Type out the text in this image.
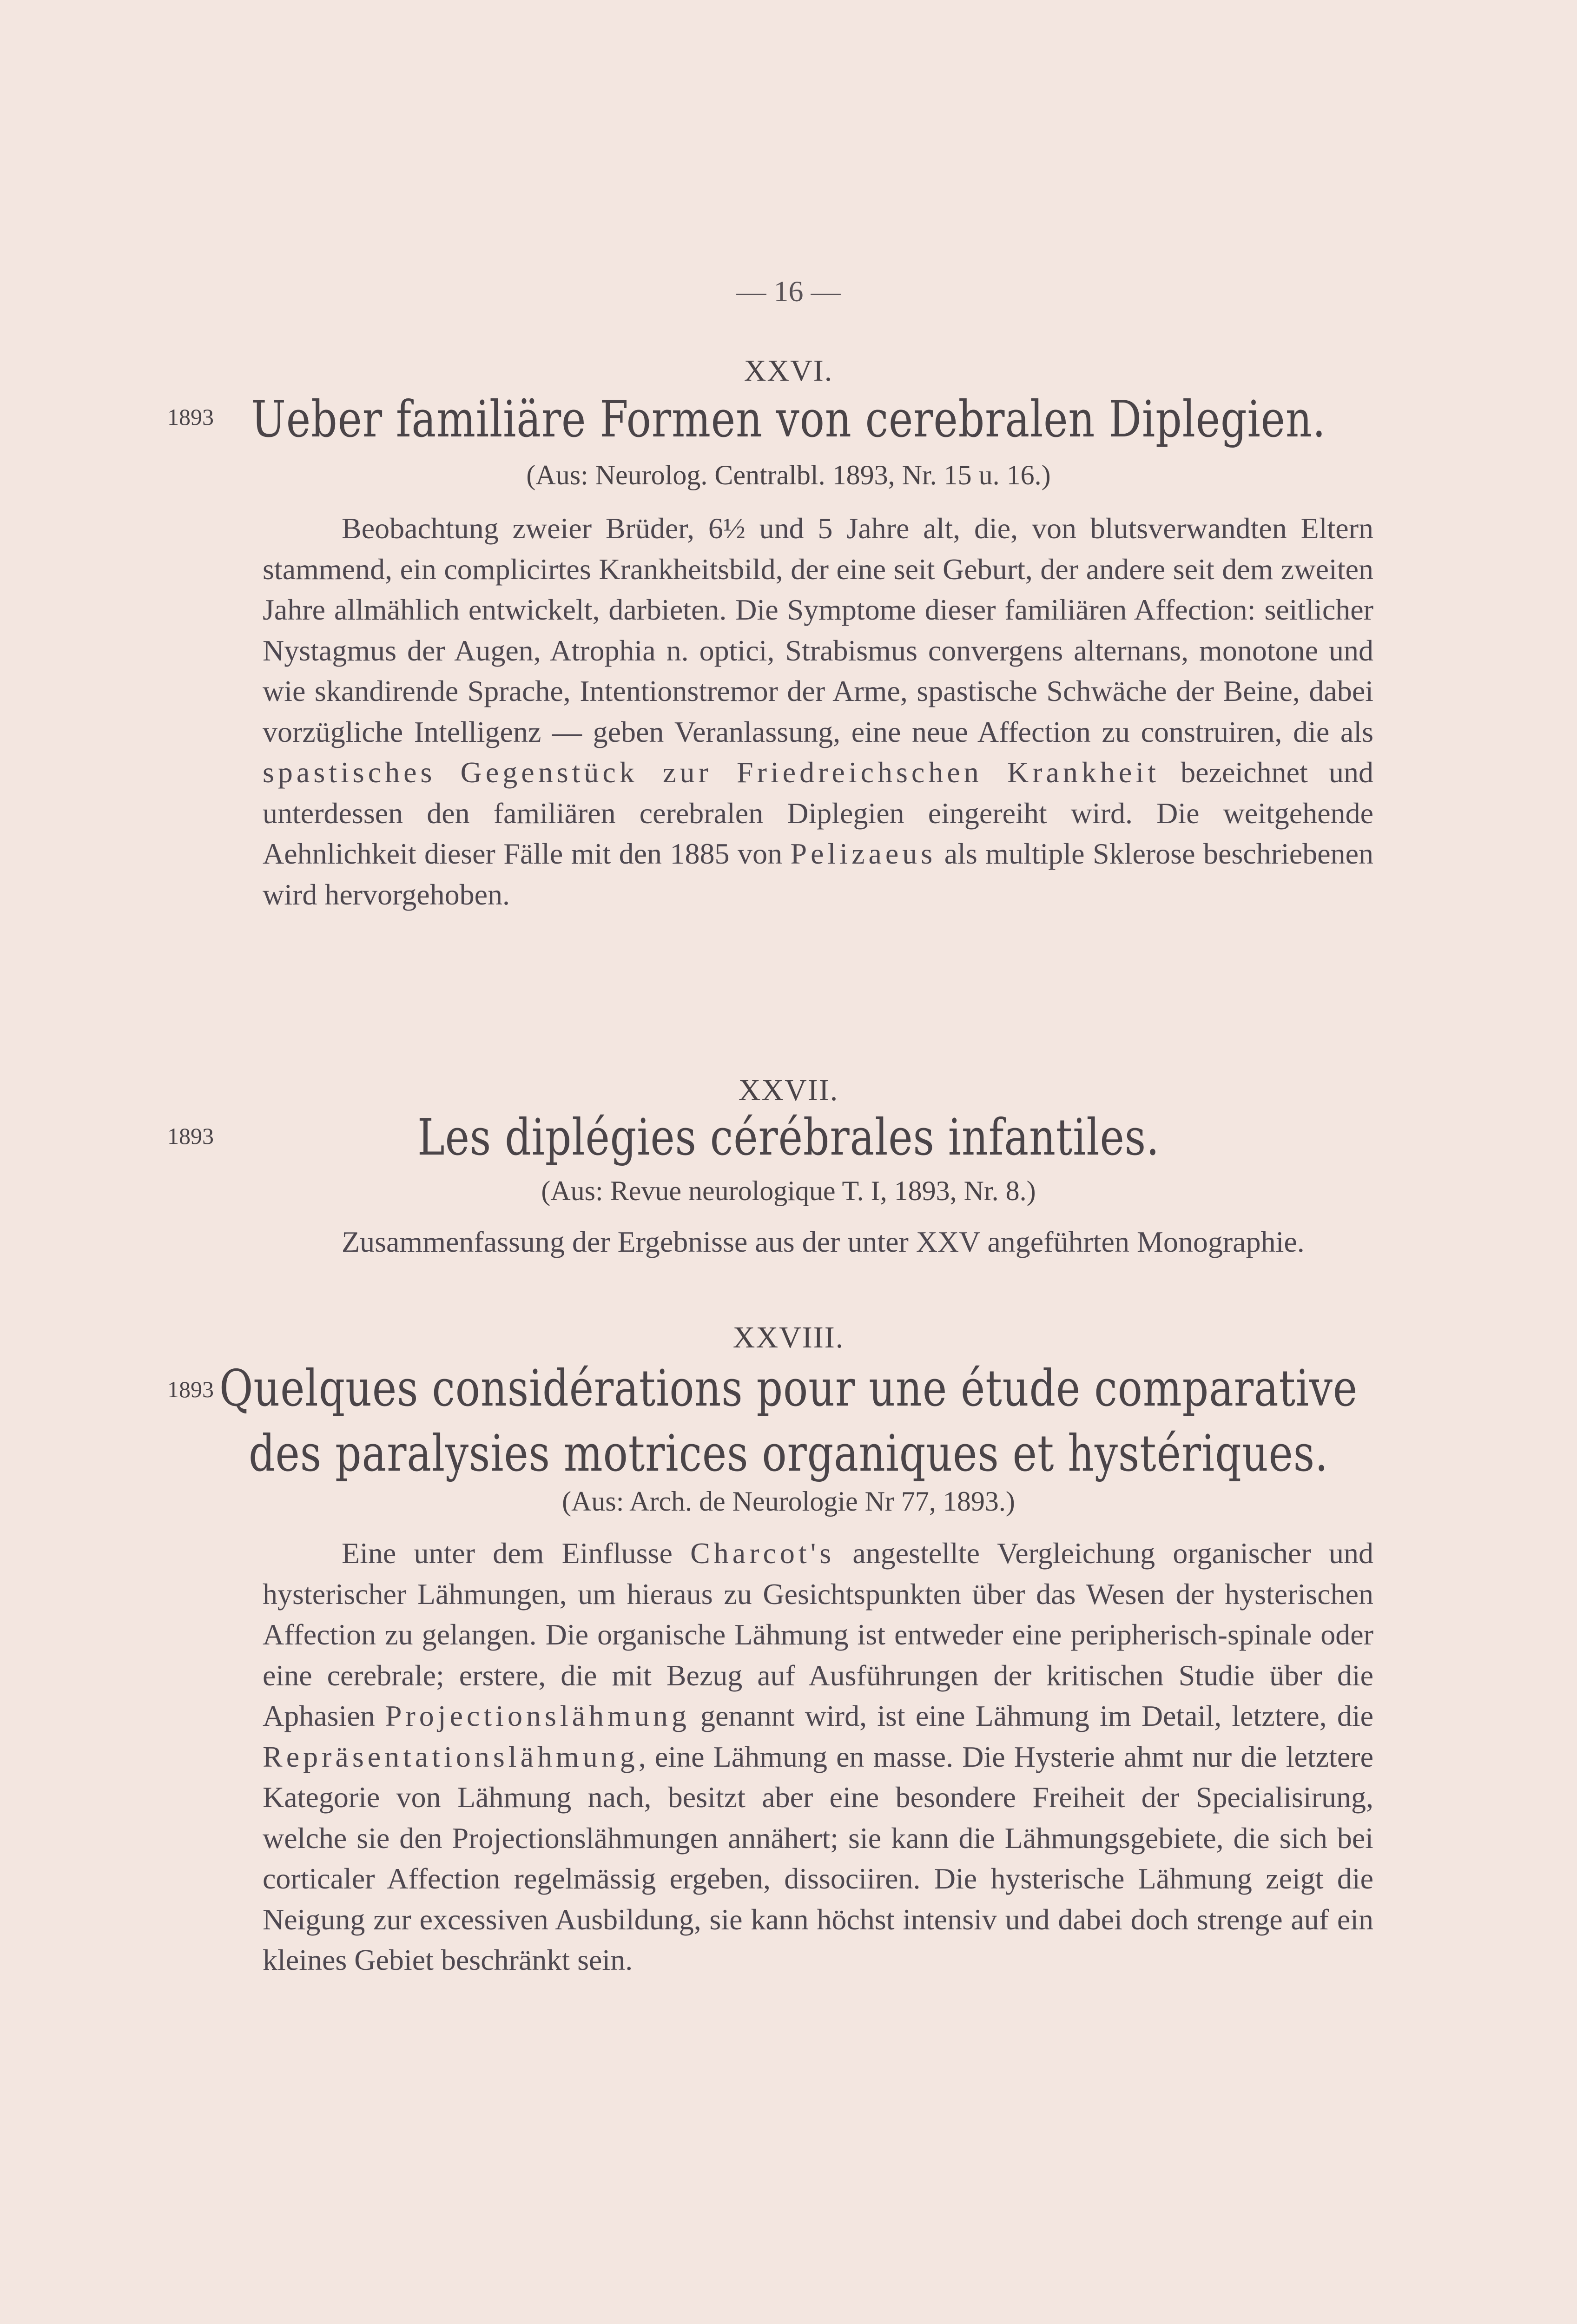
— 16 —
XXVI.
1893 Ueber familiäre Formen von cerebralen Diplegien.
(Aus: Neurolog. Centralbl. 1893, Nr. 15 u. 16.)

Beobachtung zweier Brüder, 6½ und 5 Jahre alt, die, von blutsverwandten Eltern stammend, ein complicirtes Krankheitsbild, der eine seit Geburt, der andere seit dem zweiten Jahre allmählich entwickelt, darbieten. Die Symptome dieser familiären Affection: seitlicher Nystagmus der Augen, Atrophia n. optici, Strabismus convergens alternans, monotone und wie skandirende Sprache, Intentionstremor der Arme, spastische Schwäche der Beine, dabei vorzügliche Intelligenz — geben Veranlassung, eine neue Affection zu construiren, die als spastisches Gegenstück zur Friedreichschen Krankheit bezeichnet und unterdessen den familiären cerebralen Diplegien eingereiht wird. Die weitgehende Aehnlichkeit dieser Fälle mit den 1885 von Pelizaeus als multiple Sklerose beschriebenen wird hervorgehoben.

XXVII.
1893	Les diplégies cérébrales infantiles.
(Aus: Revue neurologique T. I, 1893, Nr. 8.)

Zusammenfassung der Ergebnisse aus der unter XXV angeführten Monographie.

XXVIII.
1893 Quelques considérations pour une étude comparative
des paralysies motrices organiques et hystériques.
(Aus: Arch. de Neurologie Nr 77, 1893.)

Eine unter dem Einflusse Charcot's angestellte Vergleichung organischer und hysterischer Lähmungen, um hieraus zu Gesichtspunkten über das Wesen der hysterischen Affection zu gelangen. Die organische Lähmung ist entweder eine peripherisch-spinale oder eine cerebrale; erstere, die mit Bezug auf Ausführungen der kritischen Studie über die Aphasien Projectionslähmung genannt wird, ist eine Lähmung im Detail, letztere, die Repräsentationslähmung, eine Lähmung en masse. Die Hysterie ahmt nur die letztere Kategorie von Lähmung nach, besitzt aber eine besondere Freiheit der Specialisirung, welche sie den Projectionslähmungen annähert; sie kann die Lähmungsgebiete, die sich bei corticaler Affection regelmässig ergeben, dissociiren. Die hysterische Lähmung zeigt die Neigung zur excessiven Ausbildung, sie kann höchst intensiv und dabei doch strenge auf ein kleines Gebiet beschränkt sein.
